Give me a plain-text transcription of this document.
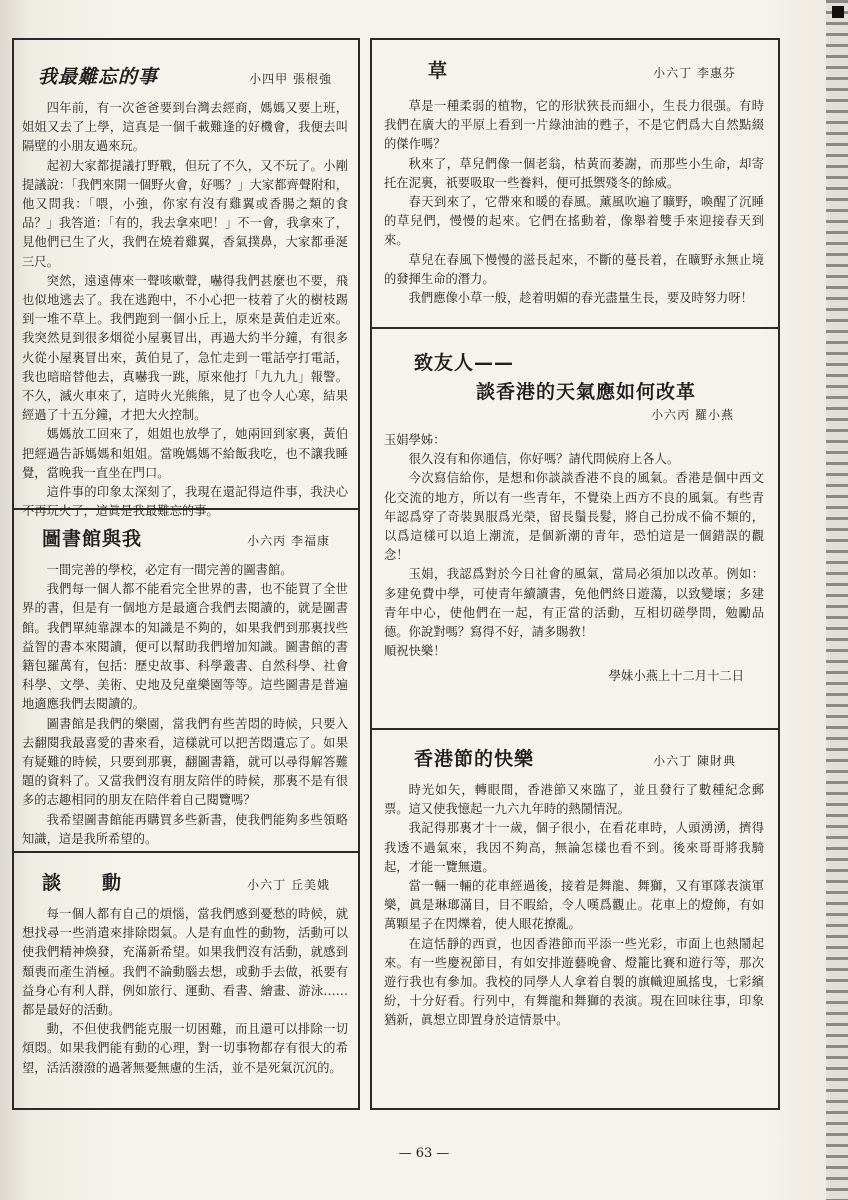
我最難忘的事	小四甲 張根強

四年前，有一次爸爸要到台灣去經商，媽媽又要上班，姐姐又去了上學，這真是一個千載難逢的好機會，我便去叫隔壁的小朋友過來玩。

起初大家都提議打野戰，但玩了不久，又不玩了。小剛提議說：「我們來開一個野火會，好嗎？」大家都齊聲附和，他又問我：「喂，小強，你家有沒有雞翼或香腸之類的食品？」我答道：「有的，我去拿來吧！」不一會，我拿來了，見他們已生了火，我們在燒着雞翼，香氣撲鼻，大家都垂涎三尺。

突然，遠遠傳來一聲咳嗽聲，嚇得我們甚麼也不要，飛也似地逃去了。我在逃跑中，不小心把一枝着了火的樹枝踢到一堆不草上。我們跑到一個小丘上，原來是黃伯走近來。我突然見到很多烟從小屋裏冒出，再過大約半分鐘，有很多火從小屋裏冒出來，黃伯見了，急忙走到一電話亭打電話，我也暗暗替他去，真嚇我一跳，原來他打「九九九」報警。不久，滅火車來了，這時火光熊熊，見了也令人心寒，結果經過了十五分鐘，才把大火控制。

媽媽放工回來了，姐姐也放學了，她兩回到家裏，黃伯把經過告訴媽媽和姐姐。當晚媽媽不給飯我吃，也不讓我睡覺，當晚我一直坐在門口。

這件事的印象太深刻了，我現在還記得這件事，我決心不再玩火了，這眞是我最難忘的事。

圖書館與我	小六丙 李福康

一間完善的學校，必定有一間完善的圖書館。

我們每一個人都不能看完全世界的書，也不能買了全世界的書，但是有一個地方是最適合我們去閱讀的，就是圖書館。我們單純靠課本的知識是不夠的，如果我們到那裏找些益智的書本來閱讀，便可以幫助我們增加知識。圖書館的書籍包羅萬有，包括：歷史故事、科學叢書、自然科學、社會科學、文學、美術、史地及兒童樂園等等。這些圖書是普遍地適應我們去閱讀的。

圖書館是我們的樂園，當我們有些苦悶的時候，只要入去翻閱我最喜愛的書來看，這樣就可以把苦悶遺忘了。如果有疑難的時候，只要到那裏，翻圖書籍，就可以尋得解答難題的資料了。又當我們沒有朋友陪伴的時候，那裏不是有很多的志趣相同的朋友在陪伴着自己閱覽嗎？

我希望圖書館能再購買多些新書，使我們能夠多些領略知識，這是我所希望的。

談　　動	小六丁 丘美娥

每一個人都有自己的煩惱，當我們感到憂愁的時候，就想找尋一些消遣來排除悶氣。人是有血性的動物，活動可以使我們精神煥發，充滿新希望。如果我們沒有活動，就感到頹喪而產生消極。我們不論動腦去想，或動手去做，祇要有益身心有利人群，例如旅行、運動、看書、繪畫、游泳……都是最好的活動。

動，不但使我們能克服一切困難，而且還可以排除一切煩悶。如果我們能有動的心理，對一切事物都存有很大的希望，活活潑潑的過著無憂無慮的生活，並不是死氣沉沉的。

草	小六丁 李惠芬

草是一種柔弱的植物，它的形狀狹長而細小，生長力很强。有時我們在廣大的平原上看到一片綠油油的甦子，不是它們爲大自然點綴的傑作嗎？

秋來了，草兒們像一個老翁，枯黃而萎謝，而那些小生命，却寄托在泥裏，祇要吸取一些養料，便可抵禦殘冬的餘威。

春天到來了，它帶來和暖的春風。薰風吹遍了曠野，喚醒了沉睡的草兒們，慢慢的起來。它們在搖動着，像舉着雙手來迎接春天到來。

草兒在春風下慢慢的滋長起來，不斷的蔓長着，在曠野永無止境的發揮生命的潛力。

我們應像小草一般，趁着明媚的春光盡量生長，要及時努力呀！

致友人——
談香港的天氣應如何改革
小六丙 羅小燕

玉娟學姊：

很久沒有和你通信，你好嗎？請代問候府上各人。

今次寫信給你，是想和你談談香港不良的風氣。香港是個中西文化交流的地方，所以有一些青年，不覺染上西方不良的風氣。有些青年認爲穿了奇裝異服爲光榮，留長鬚長髮，將自己扮成不倫不類的，以爲這樣可以追上潮流，是個新潮的青年，恐怕這是一個錯誤的觀念！

玉娟，我認爲對於今日社會的風氣，當局必須加以改革。例如：多建免費中學，可使青年續讀書，免他們終日遊蕩，以致變壞；多建青年中心，使他們在一起，有正當的活動，互相切磋學問，勉勵品德。你說對嗎？寫得不好，請多賜教！

順祝快樂！

學妹小燕上十二月十二日

香港節的快樂	小六丁 陳財典

時光如矢，轉眼間，香港節又來臨了，並且發行了數種紀念郵票。這又使我憶起一九六九年時的熱鬧情況。

我記得那裏才十一歲，個子很小，在看花車時，人頭湧湧，擠得我透不過氣來，我因不夠高，無論怎樣也看不到。後來哥哥將我騎起，才能一覽無遺。

當一輛一輛的花車經過後，接着是舞龍、舞獅，又有軍隊表演軍樂，眞是琳瑯滿目，目不暇給，令人嘆爲觀止。花車上的燈飾，有如萬顆星子在閃爍着，使人眼花撩亂。

在這恬靜的西貢，也因香港節而平添一些光彩，市面上也熱鬧起來。有一些慶祝節目，有如安排遊藝晚會、燈籠比賽和遊行等，那次遊行我也有參加。我校的同學人人拿着自製的旗幟迎風搖曳，七彩繽紛，十分好看。行列中，有舞龍和舞獅的表演。現在回味往事，印象猶新，眞想立即置身於這情景中。

— 63 —
